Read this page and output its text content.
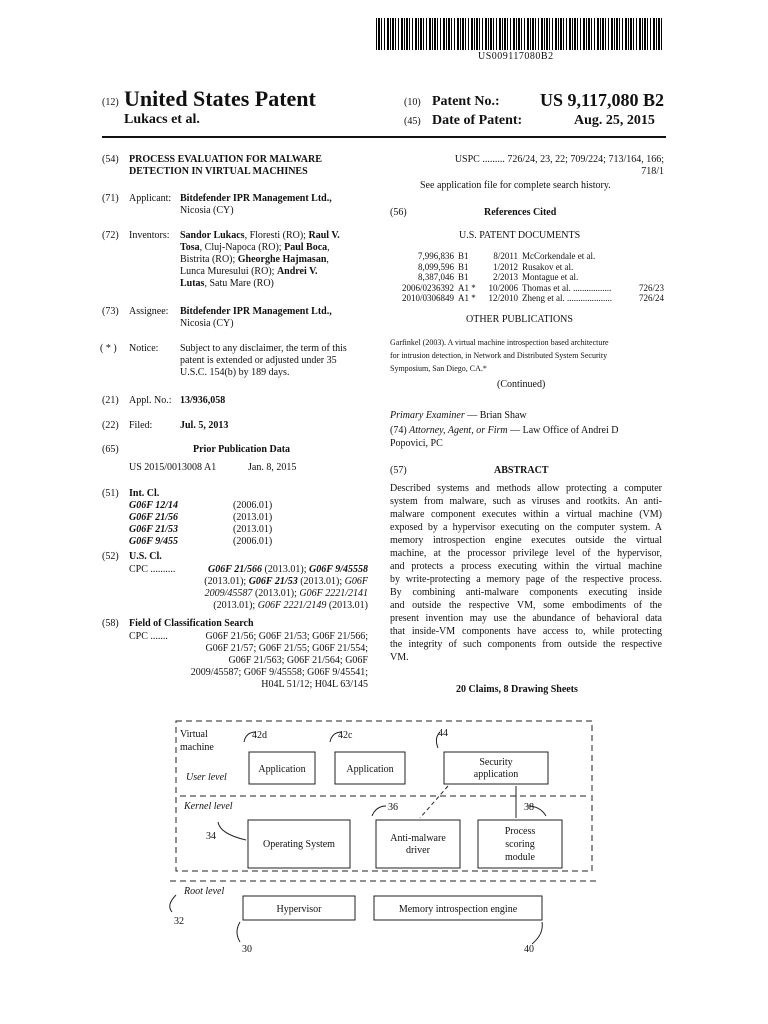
US009117080B2
(12) United States Patent
Lukacs et al.
(10) Patent No.: US 9,117,080 B2
(45) Date of Patent:	Aug. 25, 2015
(54) PROCESS EVALUATION FOR MALWARE
DETECTION IN VIRTUAL MACHINES
(71) Applicant: Bitdefender IPR Management Ltd.,
Nicosia (CY)
(72) Inventors: Sandor Lukacs, Floresti (RO); Raul V.
Tosa, Cluj-Napoca (RO); Paul Boca,
Bistrita (RO); Gheorghe Hajmasan,
Lunca Muresului (RO); Andrei V.
Lutas, Satu Mare (RO)
(73) Assignee: Bitdefender IPR Management Ltd.,
Nicosia (CY)
( * ) Notice: Subject to any disclaimer, the term of this
patent is extended or adjusted under 35
U.S.C. 154(b) by 189 days.
(21) Appl. No.: 13/936,058
(22) Filed:	Jul. 5, 2013
(65)	Prior Publication Data
US 2015/0013008 A1	Jan. 8, 2015
(51) Int. Cl.
G06F 12/14	(2006.01)
G06F 21/56	(2013.01)
G06F 21/53	(2013.01)
G06F 9/455	(2006.01)
(52) U.S. Cl.
CPC ..........	G06F 21/566 (2013.01); G06F 9/45558
(2013.01); G06F 21/53 (2013.01); G06F
2009/45587 (2013.01); G06F 2221/2141
(2013.01); G06F 2221/2149 (2013.01)
(58) Field of Classification Search
CPC .......	G06F 21/56; G06F 21/53; G06F 21/566;
G06F 21/57; G06F 21/55; G06F 21/554;
G06F 21/563; G06F 21/564; G06F
2009/45587; G06F 9/45558; G06F 9/45541;
H04L 51/12; H04L 63/145
USPC ......... 726/24, 23, 22; 709/224; 713/164, 166;
718/1
See application file for complete search history.
(56)	References Cited
U.S. PATENT DOCUMENTS
7,996,836 B1	8/2011 McCorkendale et al.
8,099,596 B1	1/2012 Rusakov et al.
8,387,046 B1	2/2013 Montague et al.
2006/0236392 A1 *	10/2006 Thomas et al. .................	726/23
2010/0306849 A1 *	12/2010 Zheng et al. ....................	726/24
OTHER PUBLICATIONS
Garfinkel (2003). A virtual machine introspection based architecture
for intrusion detection, in Network and Distributed System Security
Symposium, San Diego, CA.*
(Continued)
Primary Examiner — Brian Shaw
(74) Attorney, Agent, or Firm — Law Office of Andrei D
Popovici, PC
(57)	ABSTRACT
Described systems and methods allow protecting a computer
system from malware, such as viruses and rootkits. An anti-
malware component executes within a virtual machine (VM)
exposed by a hypervisor executing on the computer system. A
memory introspection engine executes outside the virtual
machine, at the processor privilege level of the hypervisor,
and protects a process executing within the virtual machine
by write-protecting a memory page of the respective process.
By combining anti-malware components executing inside
and outside the respective VM, some embodiments of the
present invention may use the abundance of behavioral data
that inside-VM components have access to, while protecting
the integrity of such components from outside the respective
VM.
20 Claims, 8 Drawing Sheets
Virtual
machine
User level
Kernel level
Root level
Application	Application
Security
application
Operating System
Anti-malware
driver
Process
scoring
module
Hypervisor	Memory introspection engine
42d	42c	44
36	38
34
32
30	40
